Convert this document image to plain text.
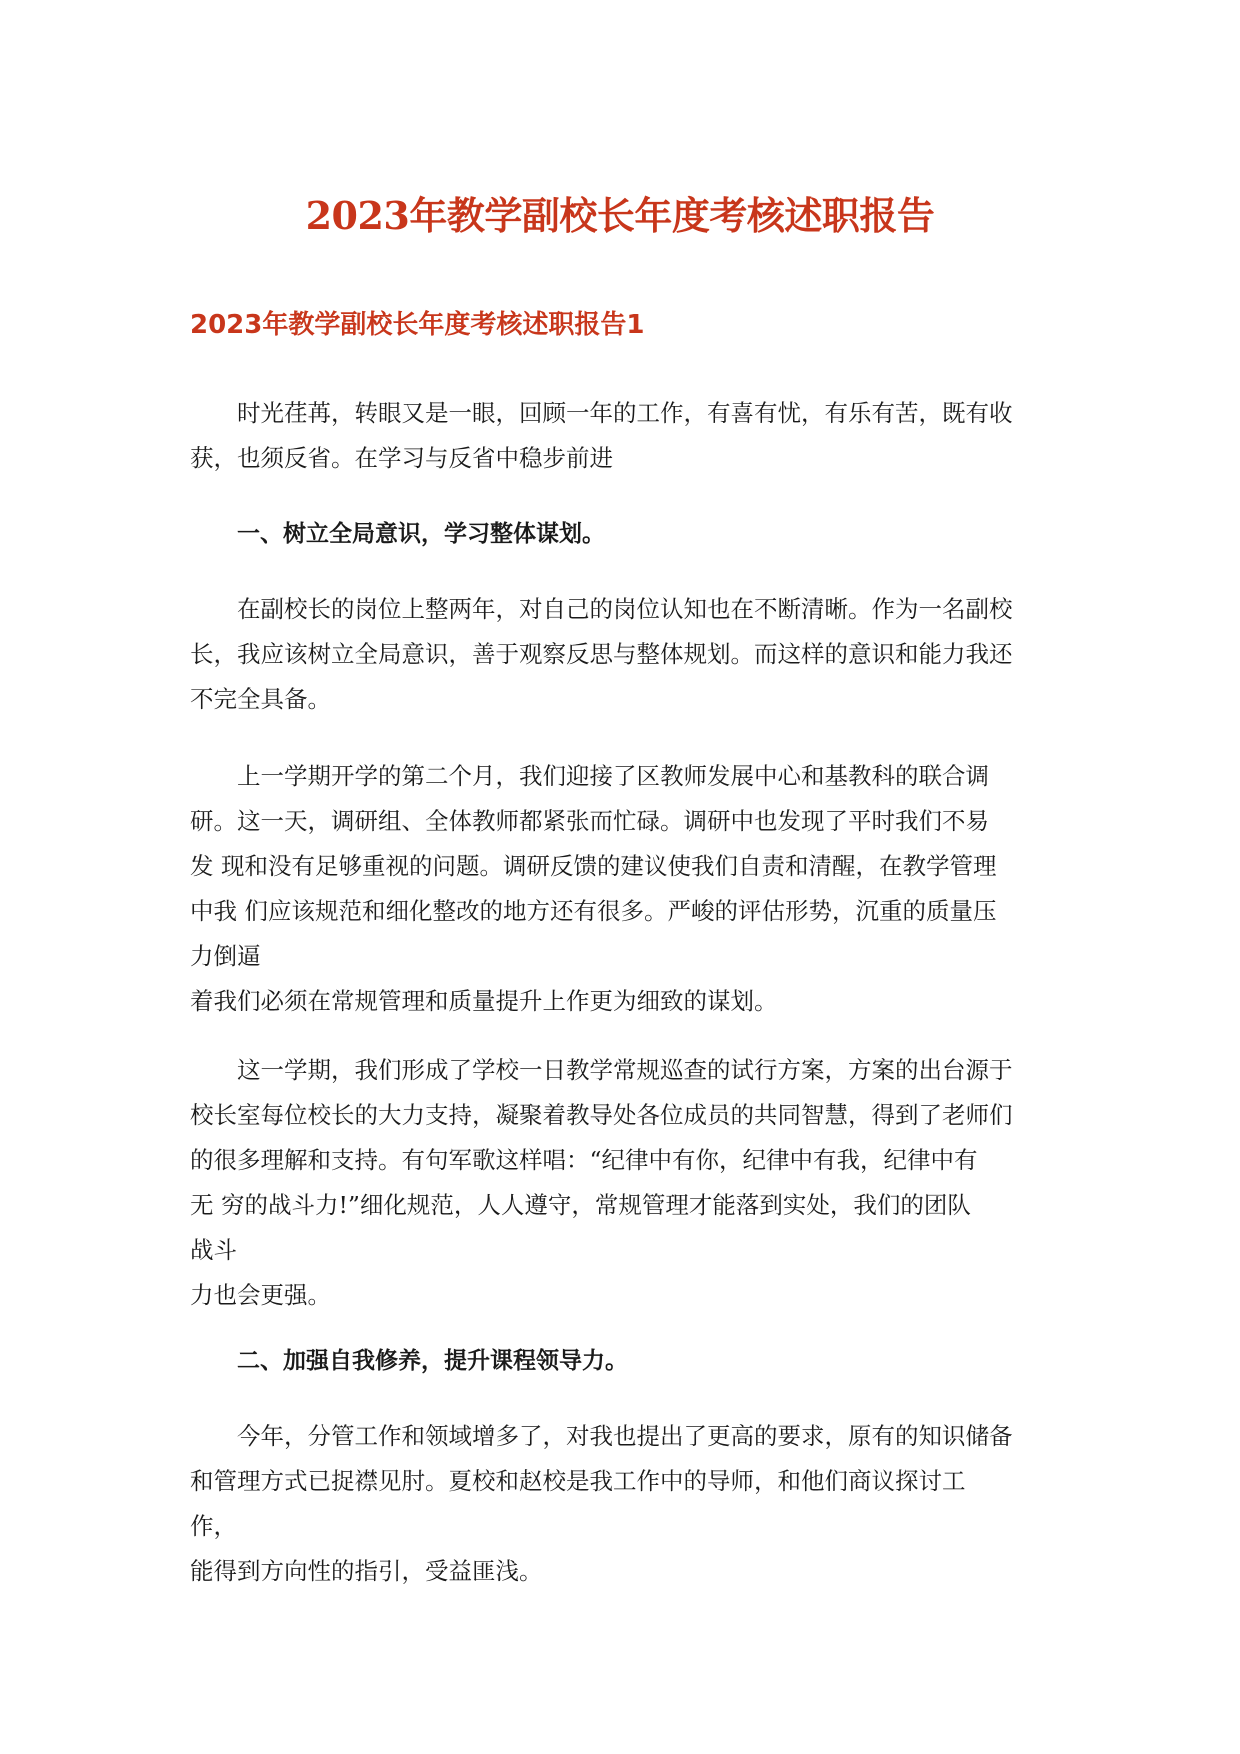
2023年教学副校长年度考核述职报告
2023年教学副校长年度考核述职报告1

时光荏苒，转眼又是一眼，回顾一年的工作，有喜有忧，有乐有苦，既有收

获，也须反省。在学习与反省中稳步前进

一、树立全局意识，学习整体谋划。

在副校长的岗位上整两年，对自己的岗位认知也在不断清晰。作为一名副校

长，我应该树立全局意识，善于观察反思与整体规划。而这样的意识和能力我还

不完全具备。

上一学期开学的第二个月，我们迎接了区教师发展中心和基教科的联合调

研。这一天，调研组、全体教师都紧张而忙碌。调研中也发现了平时我们不易

发 现和没有足够重视的问题。调研反馈的建议使我们自责和清醒，在教学管理

中我 们应该规范和细化整改的地方还有很多。严峻的评估形势，沉重的质量压

力倒逼

着我们必须在常规管理和质量提升上作更为细致的谋划。

这一学期，我们形成了学校一日教学常规巡查的试行方案，方案的出台源于

校长室每位校长的大力支持，凝聚着教导处各位成员的共同智慧，得到了老师们

的很多理解和支持。有句军歌这样唱：“纪律中有你，纪律中有我，纪律中有

无 穷的战斗力!”细化规范，人人遵守，常规管理才能落到实处，我们的团队

战斗

力也会更强。

二、加强自我修养，提升课程领导力。

今年，分管工作和领域增多了，对我也提出了更高的要求，原有的知识储备

和管理方式已捉襟见肘。夏校和赵校是我工作中的导师，和他们商议探讨工

作，

能得到方向性的指引，受益匪浅。
